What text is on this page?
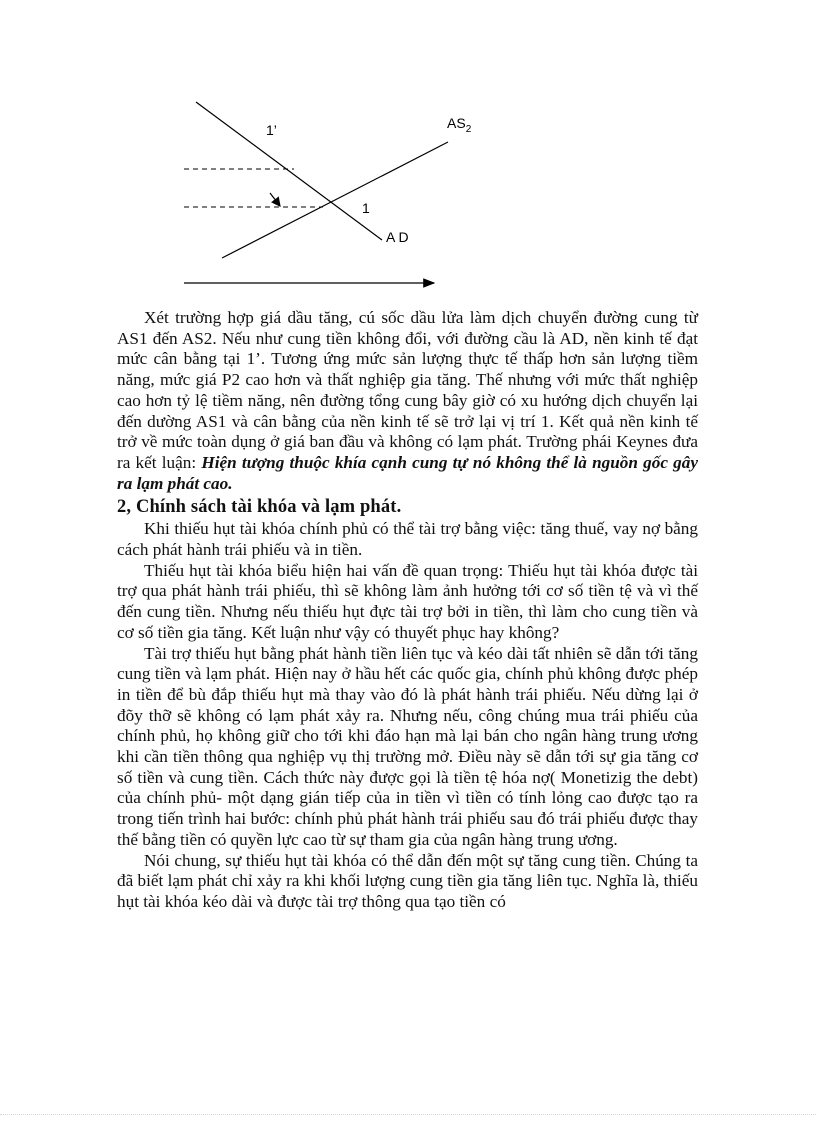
1’
1
A D
$AS_2$

Xét trường hợp giá dầu tăng, cú sốc dầu lửa làm dịch chuyển đường cung từ AS1 đến AS2. Nếu như cung tiền không đổi, với đường cầu là AD, nền kinh tế đạt mức cân bằng tại 1’. Tương ứng mức sản lượng thực tế thấp hơn sản lượng tiềm năng, mức giá P2 cao hơn và thất nghiệp gia tăng. Thế nhưng với mức thất nghiệp cao hơn tỷ lệ tiềm năng, nên đường tổng cung bây giờ có xu hướng dịch chuyển lại đến dường AS1 và cân bằng của nền kinh tế sẽ trở lại vị trí 1. Kết quả nền kinh tế trở về mức toàn dụng ở giá ban đầu và không có lạm phát. Trường phái Keynes đưa ra kết luận: Hiện tượng thuộc khía cạnh cung tự nó không thể là nguồn gốc gây ra lạm phát cao.

2, Chính sách tài khóa và lạm phát.

Khi thiếu hụt tài khóa chính phủ có thể tài trợ bằng việc: tăng thuế, vay nợ bằng cách phát hành trái phiếu và in tiền.

Thiếu hụt tài khóa biểu hiện hai vấn đề quan trọng: Thiếu hụt tài khóa được tài trợ qua phát hành trái phiếu, thì sẽ không làm ảnh hưởng tới cơ số tiền tệ và vì thế đến cung tiền. Nhưng nếu thiếu hụt đực tài trợ bởi in tiền, thì làm cho cung tiền và cơ số tiền gia tăng. Kết luận như vậy có thuyết phục hay không?

Tài trợ thiếu hụt bằng phát hành tiền liên tục và kéo dài tất nhiên sẽ dẫn tới tăng cung tiền và lạm phát. Hiện nay ở hầu hết các quốc gia, chính phủ không được phép in tiền để bù đắp thiếu hụt mà thay vào đó là phát hành trái phiếu. Nếu dừng lại ở đõy thỡ sẽ không có lạm phát xảy ra. Nhưng nếu, công chúng mua trái phiếu của chính phủ, họ không giữ cho tới khi đáo hạn mà lại bán cho ngân hàng trung ương khi cần tiền thông qua nghiệp vụ thị trường mở. Điều này sẽ dẫn tới sự gia tăng cơ số tiền và cung tiền. Cách thức này được gọi là tiền tệ hóa nợ( Monetizig the debt) của chính phủ- một dạng gián tiếp của in tiền vì tiền có tính lỏng cao được tạo ra trong tiến trình hai bước: chính phủ phát hành trái phiếu sau đó trái phiếu được thay thế bằng tiền có quyền lực cao từ sự tham gia của ngân hàng trung ương.

Nói chung, sự thiếu hụt tài khóa có thể dẫn đến một sự tăng cung tiền. Chúng ta đã biết lạm phát chỉ xảy ra khi khối lượng cung tiền gia tăng liên tục. Nghĩa là, thiếu hụt tài khóa kéo dài và được tài trợ thông qua tạo tiền có
